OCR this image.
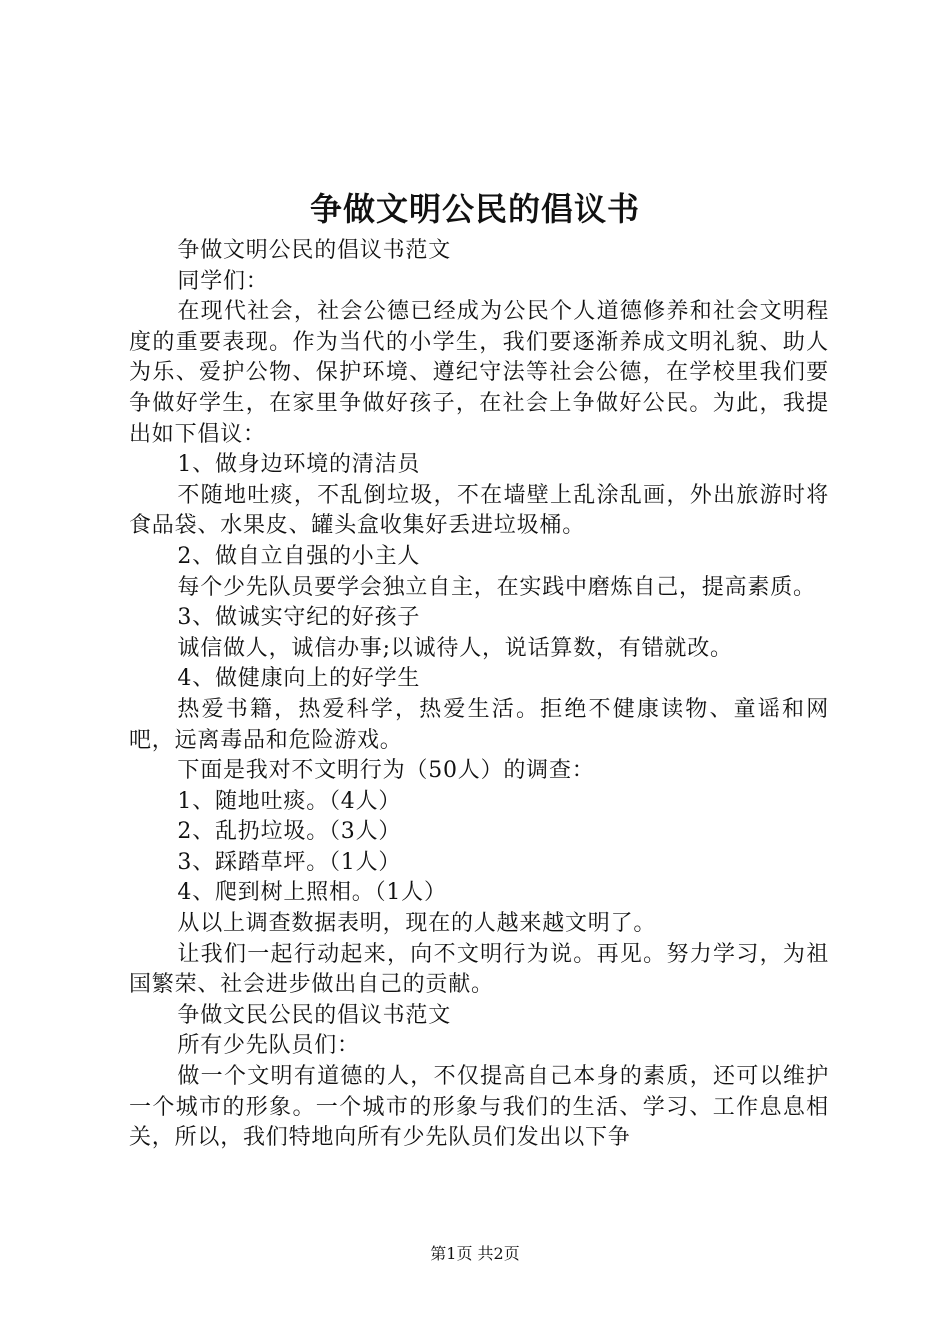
争做文明公民的倡议书

争做文明公民的倡议书范文

同学们：

在现代社会，社会公德已经成为公民个人道德修养和社会文明程度的重要表现。作为当代的小学生，我们要逐渐养成文明礼貌、助人为乐、爱护公物、保护环境、遵纪守法等社会公德，在学校里我们要争做好学生，在家里争做好孩子，在社会上争做好公民。为此，我提出如下倡议：

1、做身边环境的清洁员

不随地吐痰，不乱倒垃圾，不在墙壁上乱涂乱画，外出旅游时将食品袋、水果皮、罐头盒收集好丢进垃圾桶。

2、做自立自强的小主人

每个少先队员要学会独立自主，在实践中磨炼自己，提高素质。

3、做诚实守纪的好孩子

诚信做人，诚信办事;以诚待人，说话算数，有错就改。

4、做健康向上的好学生

热爱书籍，热爱科学，热爱生活。拒绝不健康读物、童谣和网吧，远离毒品和危险游戏。

下面是我对不文明行为（50人）的调查：

1、随地吐痰。（4人）

2、乱扔垃圾。（3人）

3、踩踏草坪。（1人）

4、爬到树上照相。（1人）

从以上调查数据表明，现在的人越来越文明了。

让我们一起行动起来，向不文明行为说。再见。努力学习，为祖国繁荣、社会进步做出自己的贡献。

争做文民公民的倡议书范文

所有少先队员们：

做一个文明有道德的人，不仅提高自己本身的素质，还可以维护一个城市的形象。一个城市的形象与我们的生活、学习、工作息息相关，所以，我们特地向所有少先队员们发出以下争

第1页 共2页
